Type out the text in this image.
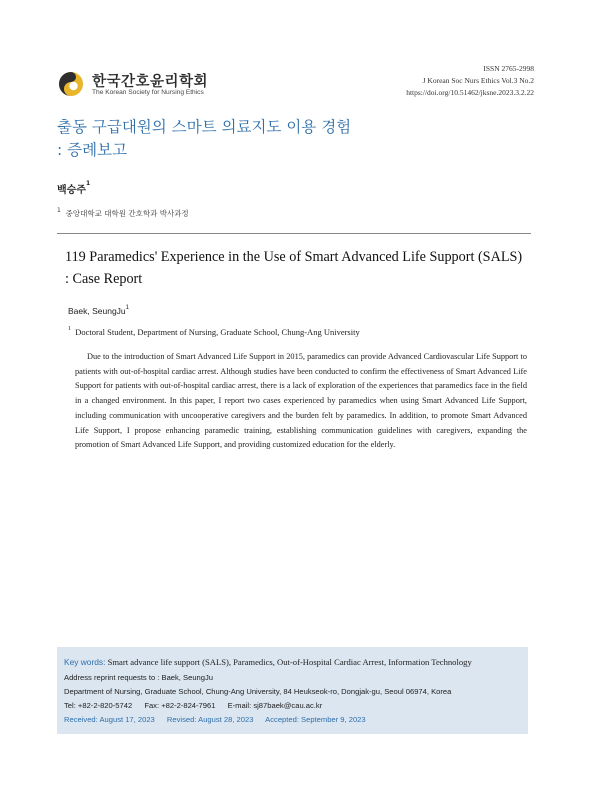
한국간호윤리학회
The Korean Society for Nursing Ethics
ISSN 2765-2998
J Korean Soc Nurs Ethics Vol.3 No.2
https://doi.org/10.51462/jksne.2023.3.2.22
출동 구급대원의 스마트 의료지도 이용 경험
: 증례보고
백승주$^1$
$^1$ 중앙대학교 대학원 간호학과 박사과정
119 Paramedics' Experience in the Use of Smart Advanced Life Support (SALS)
: Case Report
Baek, SeungJu$^1$
$^1$ Doctoral Student, Department of Nursing, Graduate School, Chung-Ang University
Due to the introduction of Smart Advanced Life Support in 2015, paramedics can provide Advanced Cardiovascular Life Support to patients with out-of-hospital cardiac arrest. Although studies have been conducted to confirm the effectiveness of Smart Advanced Life Support for patients with out-of-hospital cardiac arrest, there is a lack of exploration of the experiences that paramedics face in the field in a changed environment. In this paper, I report two cases experienced by paramedics when using Smart Advanced Life Support, including communication with uncooperative caregivers and the burden felt by paramedics. In addition, to promote Smart Advanced Life Support, I propose enhancing paramedic training, establishing communication guidelines with caregivers, expanding the promotion of Smart Advanced Life Support, and providing customized education for the elderly.
Key words: Smart advance life support (SALS), Paramedics, Out-of-Hospital Cardiac Arrest, Information Technology
Address reprint requests to : Baek, SeungJu
Department of Nursing, Graduate School, Chung-Ang University, 84 Heukseok-ro, Dongjak-gu, Seoul 06974, Korea
Tel: +82-2-820-5742 Fax: +82-2-824-7961 E-mail: sj87baek@cau.ac.kr
Received: August 17, 2023 Revised: August 28, 2023 Accepted: September 9, 2023
